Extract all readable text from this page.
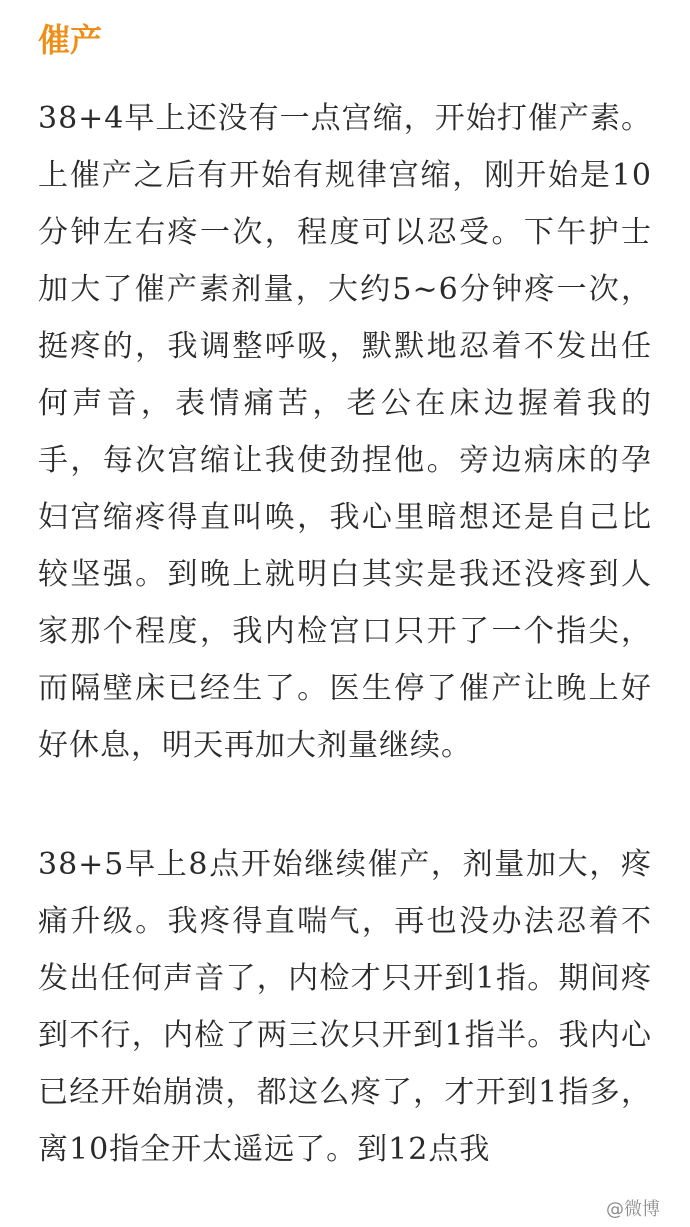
催产

38+4早上还没有一点宫缩，开始打催产素。上催产之后有开始有规律宫缩，刚开始是10分钟左右疼一次，程度可以忍受。下午护士加大了催产素剂量，大约5~6分钟疼一次，挺疼的，我调整呼吸，默默地忍着不发出任何声音，表情痛苦，老公在床边握着我的手，每次宫缩让我使劲捏他。旁边病床的孕妇宫缩疼得直叫唤，我心里暗想还是自己比较坚强。到晚上就明白其实是我还没疼到人家那个程度，我内检宫口只开了一个指尖，而隔壁床已经生了。医生停了催产让晚上好好休息，明天再加大剂量继续。

38+5早上8点开始继续催产，剂量加大，疼痛升级。我疼得直喘气，再也没办法忍着不发出任何声音了，内检才只开到1指。期间疼到不行，内检了两三次只开到1指半。我内心已经开始崩溃，都这么疼了，才开到1指多，离10指全开太遥远了。到12点我

@微博
